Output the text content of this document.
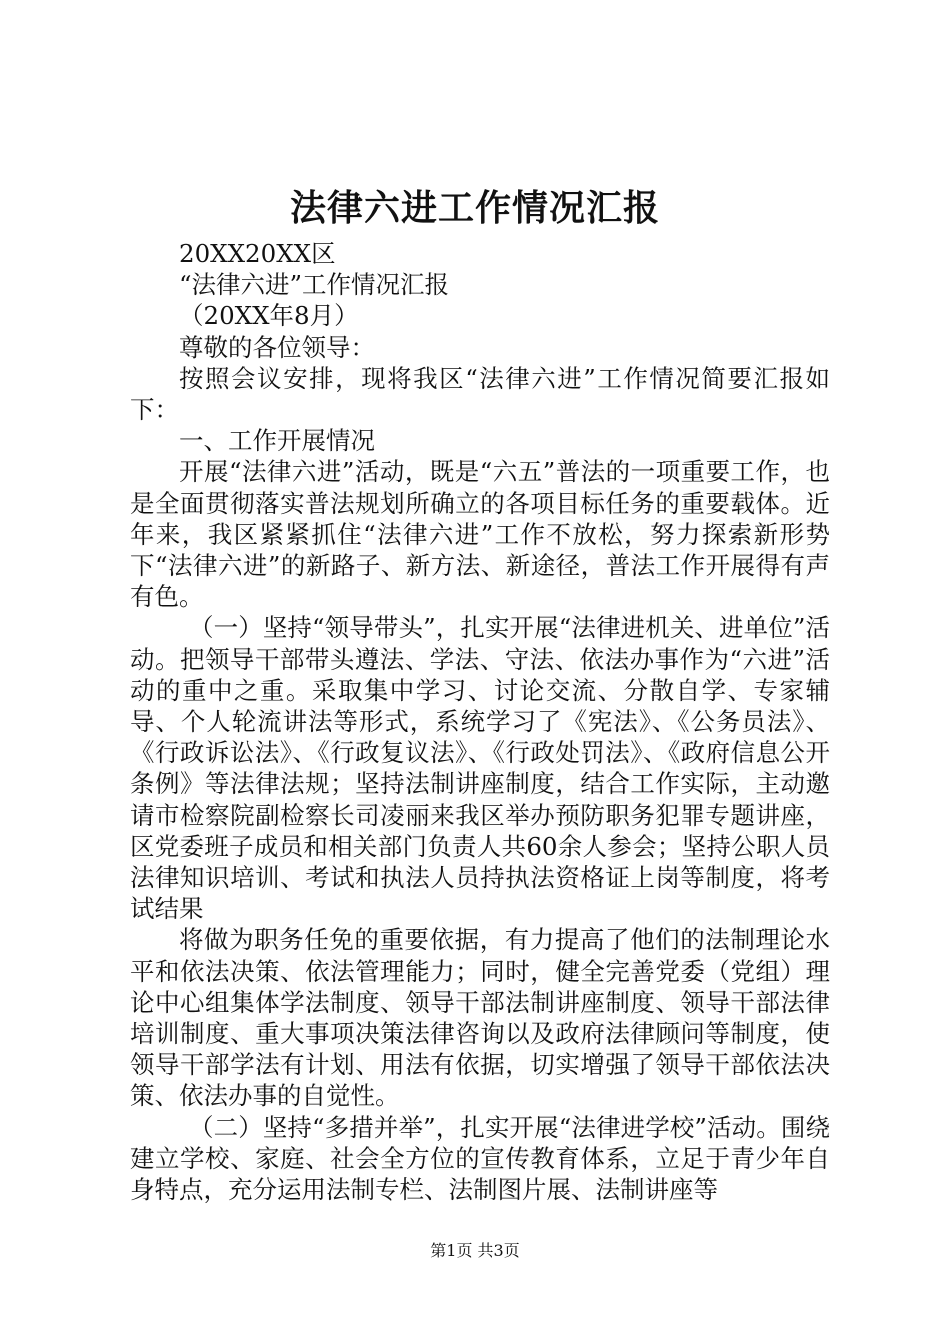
法律六进工作情况汇报

20XX20XX区

“法律六进”工作情况汇报

（20XX年8月）

尊敬的各位领导：

按照会议安排，现将我区“法律六进”工作情况简要汇报如下：

一、工作开展情况

开展“法律六进”活动，既是“六五”普法的一项重要工作，也是全面贯彻落实普法规划所确立的各项目标任务的重要载体。近年来，我区紧紧抓住“法律六进”工作不放松，努力探索新形势下“法律六进”的新路子、新方法、新途径，普法工作开展得有声有色。

（一）坚持“领导带头”，扎实开展“法律进机关、进单位”活动。把领导干部带头遵法、学法、守法、依法办事作为“六进”活动的重中之重。采取集中学习、讨论交流、分散自学、专家辅导、个人轮流讲法等形式，系统学习了《宪法》、《公务员法》、《行政诉讼法》、《行政复议法》、《行政处罚法》、《政府信息公开条例》等法律法规；坚持法制讲座制度，结合工作实际，主动邀请市检察院副检察长司凌丽来我区举办预防职务犯罪专题讲座，区党委班子成员和相关部门负责人共60余人参会；坚持公职人员法律知识培训、考试和执法人员持执法资格证上岗等制度，将考试结果

将做为职务任免的重要依据，有力提高了他们的法制理论水平和依法决策、依法管理能力；同时，健全完善党委（党组）理论中心组集体学法制度、领导干部法制讲座制度、领导干部法律培训制度、重大事项决策法律咨询以及政府法律顾问等制度，使领导干部学法有计划、用法有依据，切实增强了领导干部依法决策、依法办事的自觉性。

（二）坚持“多措并举”，扎实开展“法律进学校”活动。围绕建立学校、家庭、社会全方位的宣传教育体系，立足于青少年自身特点，充分运用法制专栏、法制图片展、法制讲座等

第1页 共3页
